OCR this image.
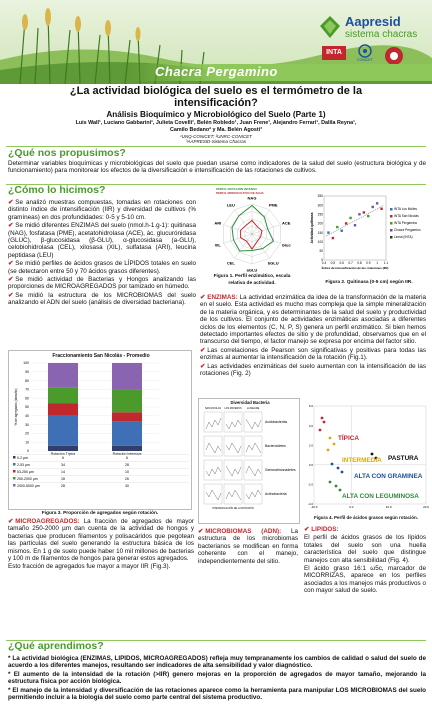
Aapresid
sistema chacras
INTA
CONICET
Chacra Pergamino
¿La actividad biológica del suelo es el termómetro de la
intensificación?
Análisis Bioquímico y Microbiológico del Suelo (Parte 1)
Luis Wall¹, Luciano Gabbarini¹, Julieta Covelli¹, Belén Robledo¹, Juan Frene¹, Alejandro Ferrari¹, Dalila Reyna¹,
Camilo Bedano² y Ma. Belén Agosti³
¹UNQ-CONICET; ²UNRC-CONICET
³AAPRESID-Sistema Chacras
¿Qué nos propusimos?
Determinar variables bioquímicas y microbiológicas del suelo que puedan usarse como indicadores de la salud del suelo (estructura biológica y de funcionamiento) para monitorear los efectos de la diversificación e intensificación de las rotaciones de cultivos.
¿Cómo lo hicimos?
✔ Se analizó muestras compuestas, tomadas en rotaciones con distinto índice de intensificación (IIR) y diversidad de cultivos (% gramíneas) en dos profundidades: 0-5 y 5-10 cm.
✔ Se midió diferentes ENZIMAS del suelo (nmol.h-1.g-1): quitinasa (NAG), fosfatasa (PME), acetatohidrolasa (ACE), ác. glucurónidasa (GLUC), β-glucosidasa (β-GLU), α-glucosidasa (a-GLU), celobiohidrolasa (CEL), xilosasa (XIL), sulfatasa (ARI), leucina peptidasa (LEU)
✔ Se midió perfiles de ácidos grasos de LÍPIDOS totales en suelo (se detectaron entre 50 y 70 ácidos grasos diferentes).
✔ Se midió actividad de Bacterias y Hongos analizando las proporciones de MICROAGREGADOS por tamizado en húmedo.
✔ Se midió la estructura de los MICROBIOMAS del suelo analizando el ADN del suelo (análisis de diversidad bacteriana).
NAG
PME
ACE
Gluc
bGLU
aGLU
CEL
XIL
ARI
LEU
PERFIL ROTACIÓN INTENSA
PERFIL MONOCULTIVO DE SOJA
Figura 1. Perfil enzimático, escala
relativa de actividad.
350
300
250
200
150
100
50
0
0.4 0.5 0.6 0.7 0.8 0.9 1 1.1
Actividad quitinasa
Índice de intensificación de las rotaciones (IIR)
INTA Los Molles
INTA San Nicolás
INTA Pergamino
Chacra Pergamino
Lineal (INTA)
Figura 2. Quitinasa (0-5 cm) según IIR.
✔ ENZIMAS: La actividad enzimática da idea de la transformación de la materia en el suelo. Esta actividad es mucho mas compleja que la simple mineralización de la materia orgánica, y es determinantes de la salud del suelo y productividad de los cultivos. El conjunto de actividades enzimáticas asociadas a diferentes ciclos de los elementos (C, N, P, S) genera un perfil enzimático. Si bien hemos detectado importantes efectos de sitio y de profundidad, observamos que en el transcurso del tiempo, el factor manejo se expresa por encima del factor sitio.
✔ Las correlaciones de Pearson son significativas y positivas para todas las enzimas al aumentar la intensificación de la rotación (Fig.1).
✔ Las actividades enzimáticas del suelo aumentan con la intensificación de las rotaciones (Fig. 2)
Fraccionamiento San Nicolás - Promedio
100
90
80
70
60
50
40
30
20
10
0
% de agregados (tamaño)
Rotación Típica	Rotación Intensiva
0-2 µm	6	6
2-53 µm	34	28
53-250 µm	14	10
250-2000 µm	18	26
2000-5000 µm	28	30
Figura 3. Proporción de agregados según rotación.
Diversidad Bacteria
SAN NICOLAS LOS MATEROS LA MELIDE
Acidobacterias
Bacteroidetes
Gemmatimonadetes
Actinobacteria
INTENSIFICACIÓN DE LA ROTACIÓN
6.0
4.0
2.0
0.0
-2.0
-4.0
-10.0	0.0	10.0	20.0
TÍPICA
INTERMEDIA PASTURA
ALTA CON GRAMINEA
ALTA CON LEGUMINOSA
Figura 4. Perfil de ácidos grasos según rotación.
✔ MICROAGREGADOS: La fracción de agregados de mayor tamaño 250-2000 µm dan cuenta de la actividad de hongos y bacterias que producen filamentos y polisacáridos que pegotean las partículas del suelo generando la estructura básica de los mismos. En 1 g de suelo puede haber 10 mil millones de bacterias y 100 m de filamentos de hongos para generar estos agregados.
Esto fracción de agregados fue mayor a mayor IIR (Fig.3).
✔ MICROBIOMAS (ADN): La estructura de los microbiomas bacterianos se modifican en forma coherente con el manejo, independientemente del sitio.
✔ LIPIDOS:
El perfil de ácidos grasos de los lípidos totales del suelo son una huella característica del suelo que distingue manejos con alta sensibilidad (Fig. 4).
El ácido graso 16:1 ω5c, marcador de MICORRIZAS, aparece en los perfiles asociados a los manejos más productivos o con mayor salud de suelo.
¿Qué aprendimos?
* La actividad biológica (ENZIMAS, LIPIDOS, MICROAGREGADOS) refleja muy tempranamente los cambios de calidad o salud del suelo de acuerdo a los diferentes manejos, resultando ser indicadores de alta sensibilidad y valor diagnóstico.
* El aumento de la intensidad de la rotación (>IIR) genero mejoras en la proporción de agregados de mayor tamaño, mejorando la estructura física por acción biológica.
* El manejo de la intensidad y diversificación de las rotaciones aparece como la herramienta para manipular LOS MICROBIOMAS del suelo permitiendo incluir a la biología del suelo como parte central del sistema productivo.
